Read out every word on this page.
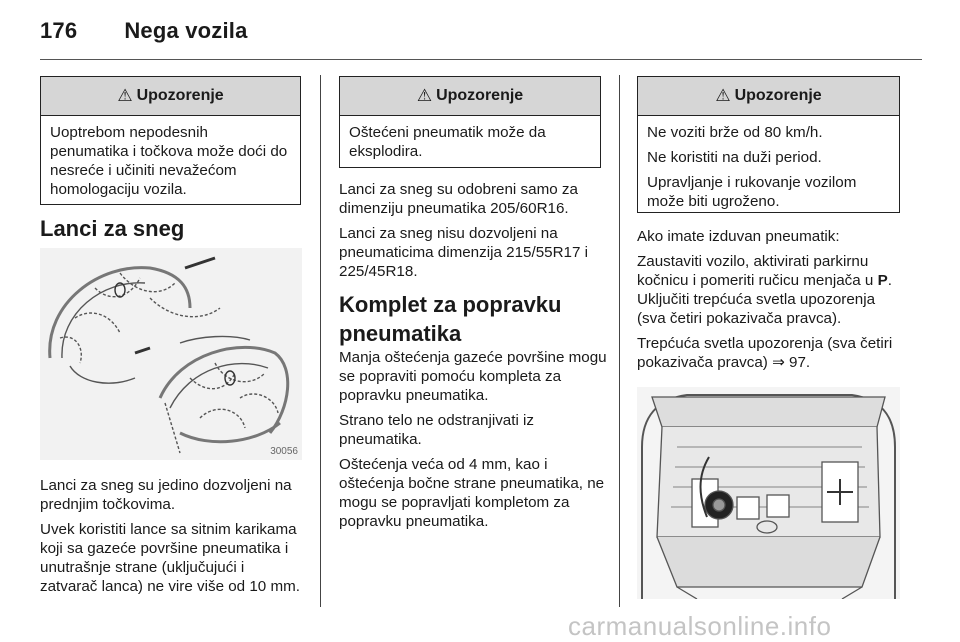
176 Nega vozila
⚠ Upozorenje

Uoptrebom nepodesnih penumatika i točkova može doći do nesreće i učiniti nevažećom homologaciju vozila.

Lanci za sneg
30056

Lanci za sneg su jedino dozvoljeni na prednjim točkovima.

Uvek koristiti lance sa sitnim karikama koji sa gazeće površine pneumatika i unutrašnje strane (uključujući i zatvarač lanca) ne vire više od 10 mm.

⚠ Upozorenje

Oštećeni pneumatik može da eksplodira.

Lanci za sneg su odobreni samo za dimenziju pneumatika 205/60R16.

Lanci za sneg nisu dozvoljeni na pneumaticima dimenzija 215/55R17 i 225/45R18.

Komplet za popravku
pneumatika

Manja oštećenja gazeće površine mogu se popraviti pomoću kompleta za popravku pneumatika.

Strano telo ne odstranjivati iz pneumatika.

Oštećenja veća od 4 mm, kao i oštećenja bočne strane pneumatika, ne mogu se popravljati kompletom za popravku pneumatika.

⚠ Upozorenje

Ne voziti brže od 80 km/h.

Ne koristiti na duži period.

Upravljanje i rukovanje vozilom može biti ugroženo.

Ako imate izduvan pneumatik:

Zaustaviti vozilo, aktivirati parkirnu kočnicu i pomeriti ručicu menjača u P. Uključiti trepćuća svetla upozorenja (sva četiri pokazivača pravca).

Trepćuća svetla upozorenja (sva četiri pokazivača pravca) ⇒ 97.

carmanualsonline.info
